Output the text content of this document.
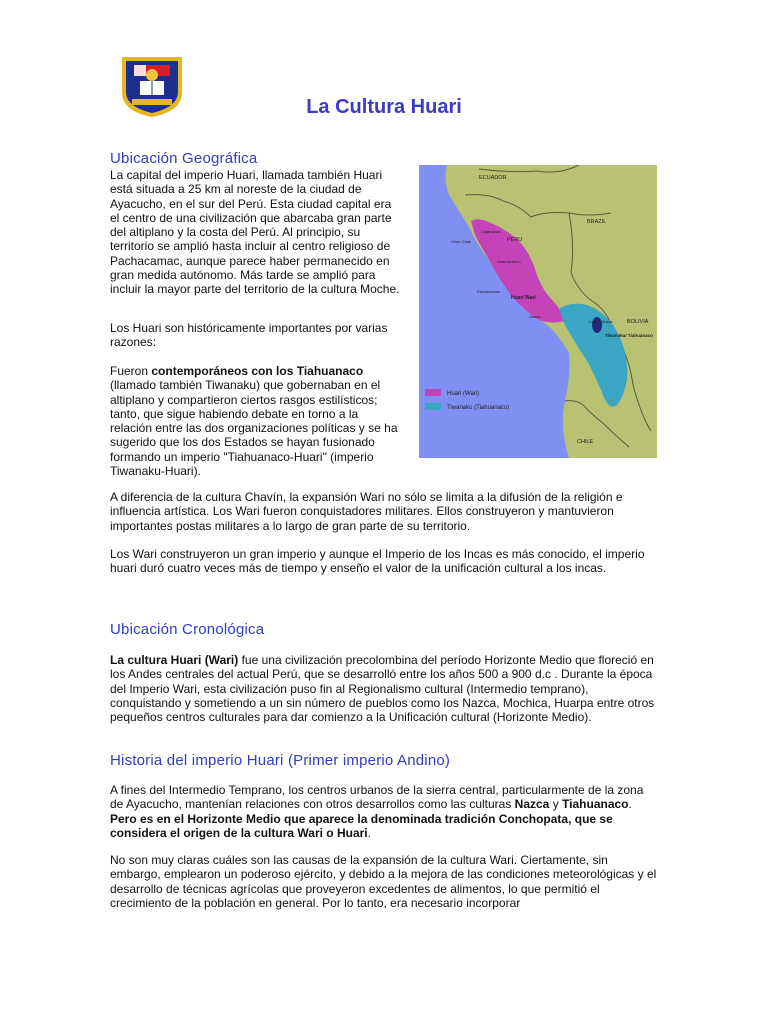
La Cultura Huari
Ubicación Geográfica

La capital del imperio Huari, llamada también Huari está situada a 25 km al noreste de la ciudad de Ayacucho, en el sur del Perú. Esta ciudad capital era el centro de una civilización que abarcaba gran parte del altiplano y la costa del Perú. Al principio, su territorio se amplió hasta incluir al centro religioso de Pachacamac, aunque parece haber permanecido en gran medida autónomo. Más tarde se amplió para incluir la mayor parte del territorio de la cultura Moche.

Los Huari son históricamente importantes por varias razones:

Fueron contemporáneos con los Tiahuanaco (llamado también Tiwanaku) que gobernaban en el altiplano y compartieron ciertos rasgos estilísticos; tanto, que sigue habiendo debate en torno a la relación entre las dos organizaciones políticas y se ha sugerido que los dos Estados se hayan fusionado formando un imperio "Tiahuanaco-Huari" (imperio Tiwanaku-Huari).

ECUADOR
PERU
BRAZIL
BOLIVIA
CHILE
Chan Chan
Cajamarca
Huamachuco
Pachacamac
Huari Wari
Nazca
Lake Titicaca
Tiwanaku/ Tiahuanaco
Huari (Wari)
Tiwanaku (Tiahuanaco)

A diferencia de la cultura Chavín, la expansión Wari no sólo se limita a la difusión de la religión e influencia artística. Los Wari fueron conquistadores militares. Ellos construyeron y mantuvieron importantes postas militares a lo largo de gran parte de su territorio.

Los Wari construyeron un gran imperio y aunque el Imperio de los Incas es más conocido, el imperio huari duró cuatro veces más de tiempo y enseño el valor de la unificación cultural a los incas.

Ubicación Cronológica

La cultura Huari (Wari) fue una civilización precolombina del período Horizonte Medio que floreció en los Andes centrales del actual Perú, que se desarrolló entre los años 500 a 900 d.c . Durante la época del Imperio Wari, esta civilización puso fin al Regionalismo cultural (Intermedio temprano), conquistando y sometiendo a un sin número de pueblos como los Nazca, Mochica, Huarpa entre otros pequeños centros culturales para dar comienzo a la Unificación cultural (Horizonte Medio).

Historia del imperio Huari (Primer imperio Andino)

A fines del Intermedio Temprano, los centros urbanos de la sierra central, particularmente de la zona de Ayacucho, mantenían relaciones con otros desarrollos como las culturas Nazca y Tiahuanaco. Pero es en el Horizonte Medio que aparece la denominada tradición Conchopata, que se considera el origen de la cultura Wari o Huari.

No son muy claras cuáles son las causas de la expansión de la cultura Wari. Ciertamente, sin embargo, emplearon un poderoso ejército, y debido a la mejora de las condiciones meteorológicas y el desarrollo de técnicas agrícolas que proveyeron excedentes de alimentos, lo que permitió el crecimiento de la población en general. Por lo tanto, era necesario incorporar
